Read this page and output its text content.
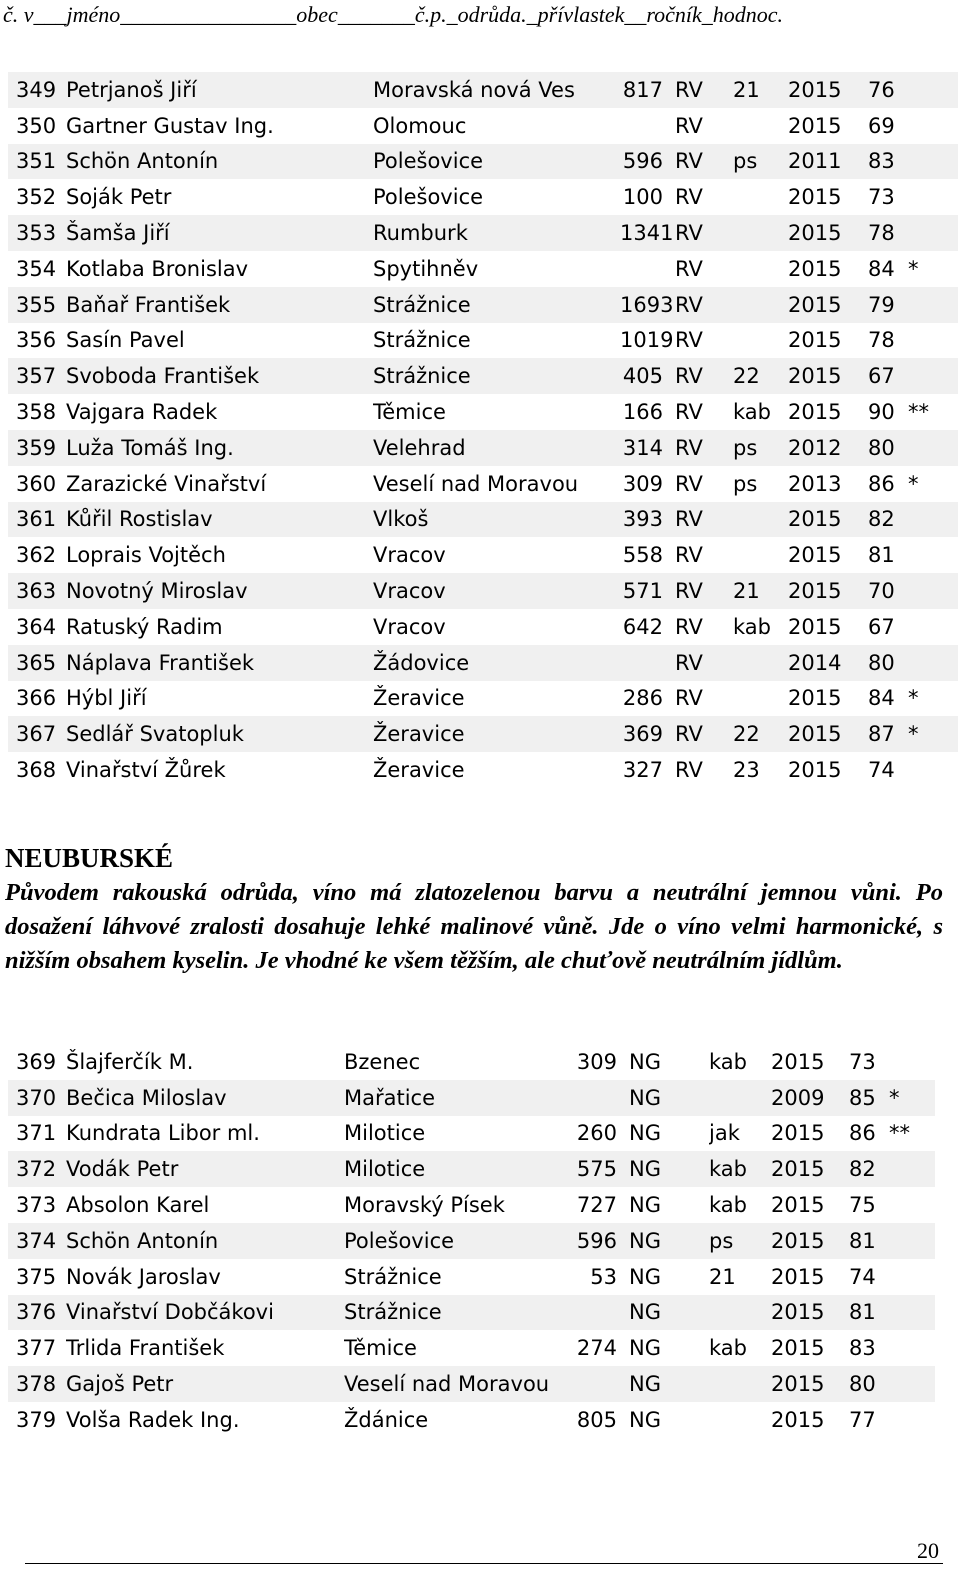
č. v___jméno________________obec_______č.p._odrůda._přívlastek__ročník_hodnoc.
349	Petrjanoš Jiří	Moravská nová Ves	817	RV	21	2015	76	
350	Gartner Gustav Ing.	Olomouc		RV		2015	69	
351	Schön Antonín	Polešovice	596	RV	ps	2011	83	
352	Soják Petr	Polešovice	100	RV		2015	73	
353	Šamša Jiří	Rumburk	1341	RV		2015	78	
354	Kotlaba Bronislav	Spytihněv		RV		2015	84	*
355	Baňař František	Strážnice	1693	RV		2015	79	
356	Sasín Pavel	Strážnice	1019	RV		2015	78	
357	Svoboda František	Strážnice	405	RV	22	2015	67	
358	Vajgara Radek	Těmice	166	RV	kab	2015	90	**
359	Luža Tomáš Ing.	Velehrad	314	RV	ps	2012	80	
360	Zarazické Vinařství	Veselí nad Moravou	309	RV	ps	2013	86	*
361	Kůřil Rostislav	Vlkoš	393	RV		2015	82	
362	Loprais Vojtěch	Vracov	558	RV		2015	81	
363	Novotný Miroslav	Vracov	571	RV	21	2015	70	
364	Ratuský Radim	Vracov	642	RV	kab	2015	67	
365	Náplava František	Žádovice		RV		2014	80	
366	Hýbl Jiří	Žeravice	286	RV		2015	84	*
367	Sedlář Svatopluk	Žeravice	369	RV	22	2015	87	*
368	Vinařství Žůrek	Žeravice	327	RV	23	2015	74	
NEUBURSKÉ
Původem rakouská odrůda, víno má zlatozelenou barvu a neutrální jemnou vůni. Po dosažení láhvové zralosti dosahuje lehké malinové vůně. Jde o víno velmi harmonické, s nižším obsahem kyselin. Je vhodné ke všem těžším, ale chuťově neutrálním jídlům.
369	Šlajferčík M.	Bzenec	309	NG	kab	2015	73	
370	Bečica Miloslav	Mařatice		NG		2009	85	*
371	Kundrata Libor ml.	Milotice	260	NG	jak	2015	86	**
372	Vodák Petr	Milotice	575	NG	kab	2015	82	
373	Absolon Karel	Moravský Písek	727	NG	kab	2015	75	
374	Schön Antonín	Polešovice	596	NG	ps	2015	81	
375	Novák Jaroslav	Strážnice	53	NG	21	2015	74	
376	Vinařství Dobčákovi	Strážnice		NG		2015	81	
377	Trlida František	Těmice	274	NG	kab	2015	83	
378	Gajoš Petr	Veselí nad Moravou		NG		2015	80	
379	Volša Radek Ing.	Ždánice	805	NG		2015	77	
20
